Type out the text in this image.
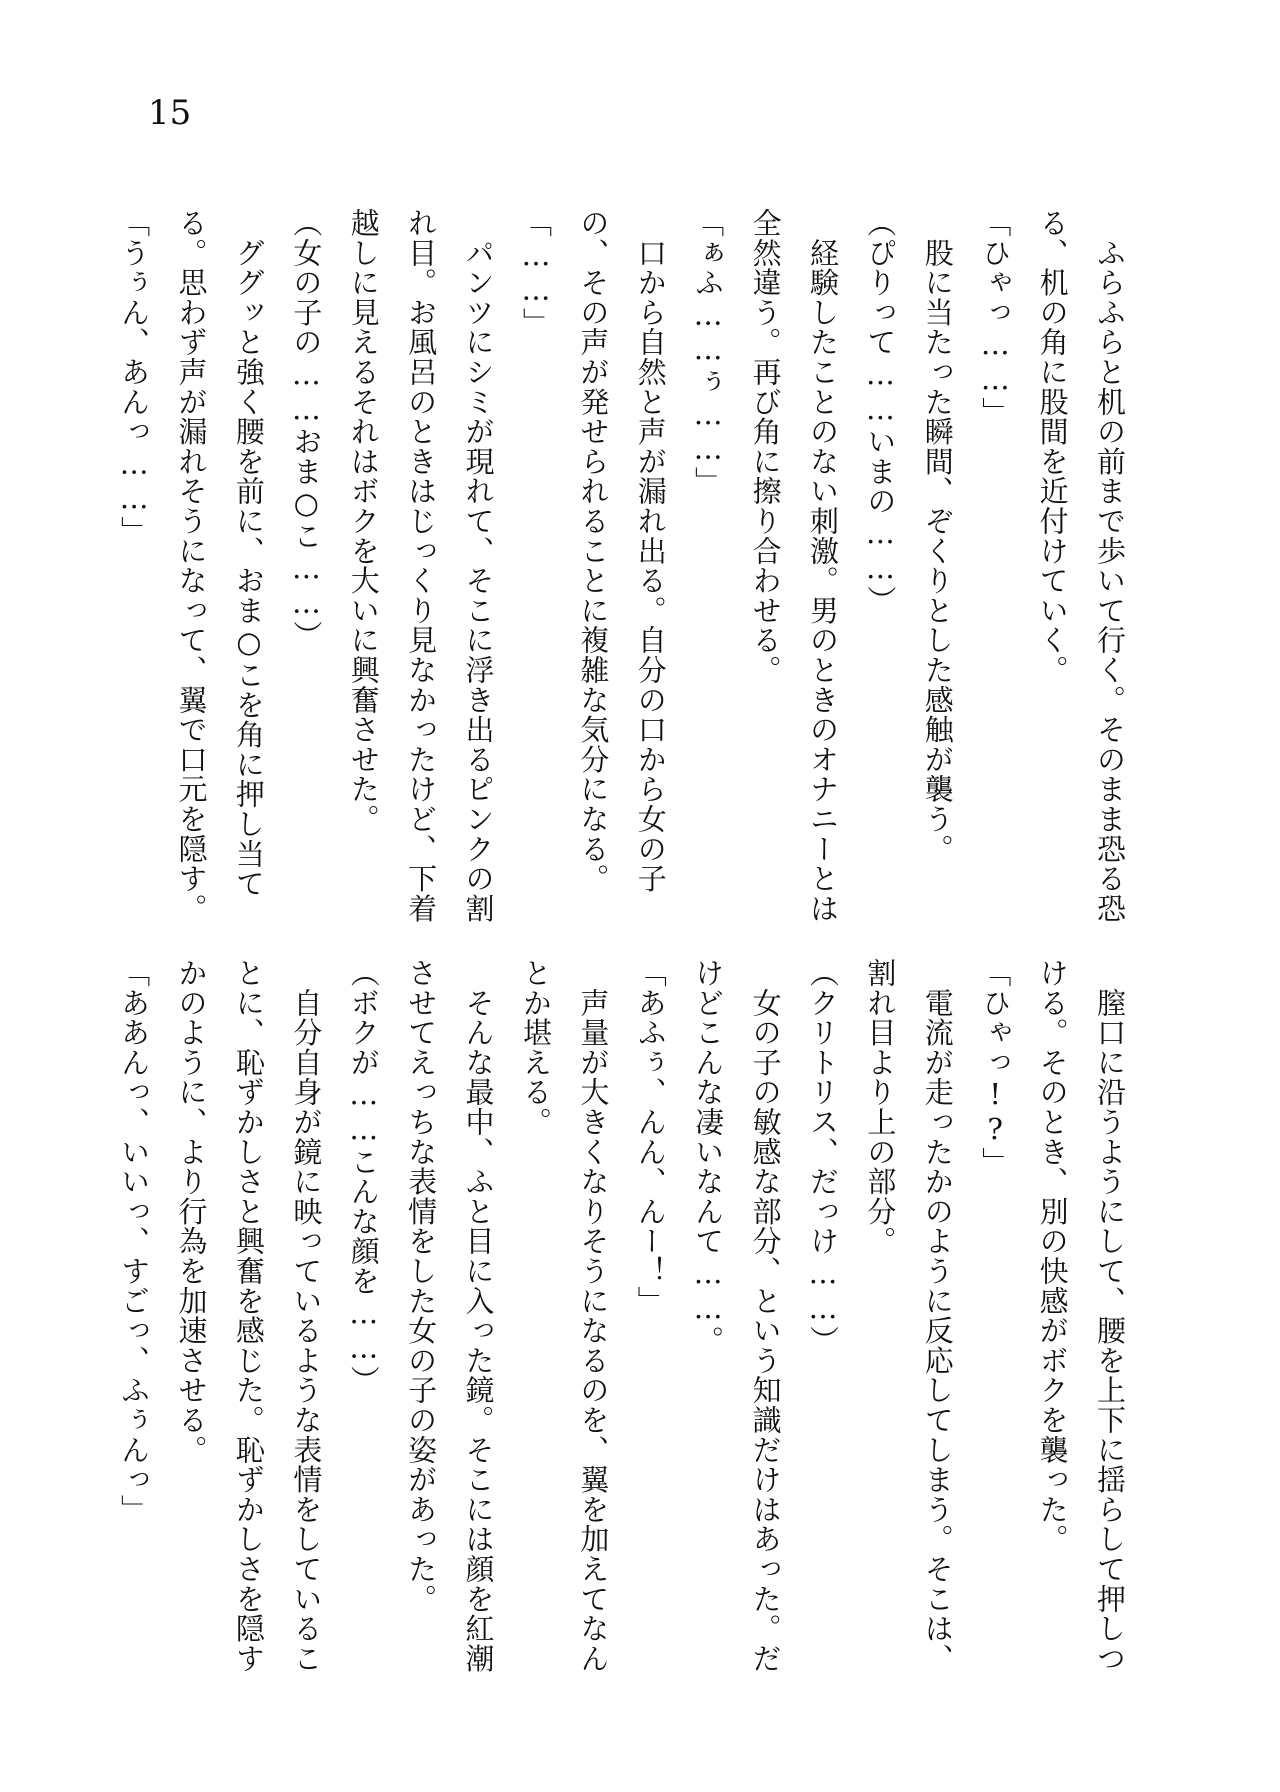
15
　ふらふらと机の前まで歩いて行く。そのまま恐る恐
る、机の角に股間を近付けていく。
「ひゃっ……」
　股に当たった瞬間、ぞくりとした感触が襲う。
（ぴりって……いまの……）
　経験したことのない刺激。男のときのオナニーとは
全然違う。再び角に擦り合わせる。
「ぁふ……ぅ……」
　口から自然と声が漏れ出る。自分の口から女の子
の、その声が発せられることに複雑な気分になる。
「……」
　パンツにシミが現れて、そこに浮き出るピンクの割
れ目。お風呂のときはじっくり見なかったけど、下着
越しに見えるそれはボクを大いに興奮させた。
（女の子の……おま○こ……）
　ググッと強く腰を前に、おま○こを角に押し当て
る。思わず声が漏れそうになって、翼で口元を隠す。
「うぅん、あんっ……」
　膣口に沿うようにして、腰を上下に揺らして押しつ
ける。そのとき、別の快感がボクを襲った。
「ひゃっ!?」
　電流が走ったかのように反応してしまう。そこは、
割れ目より上の部分。
（クリトリス、だっけ……）
　女の子の敏感な部分、という知識だけはあった。だ
けどこんな凄いなんて……。
「あふぅ、んん、んー！」
　声量が大きくなりそうになるのを、翼を加えてなん
とか堪える。
　そんな最中、ふと目に入った鏡。そこには顔を紅潮
させてえっちな表情をした女の子の姿があった。
（ボクが……こんな顔を……）
　自分自身が鏡に映っているような表情をしているこ
とに、恥ずかしさと興奮を感じた。恥ずかしさを隠す
かのように、より行為を加速させる。
「ああんっ、いいっ、すごっ、ふぅんっ」
